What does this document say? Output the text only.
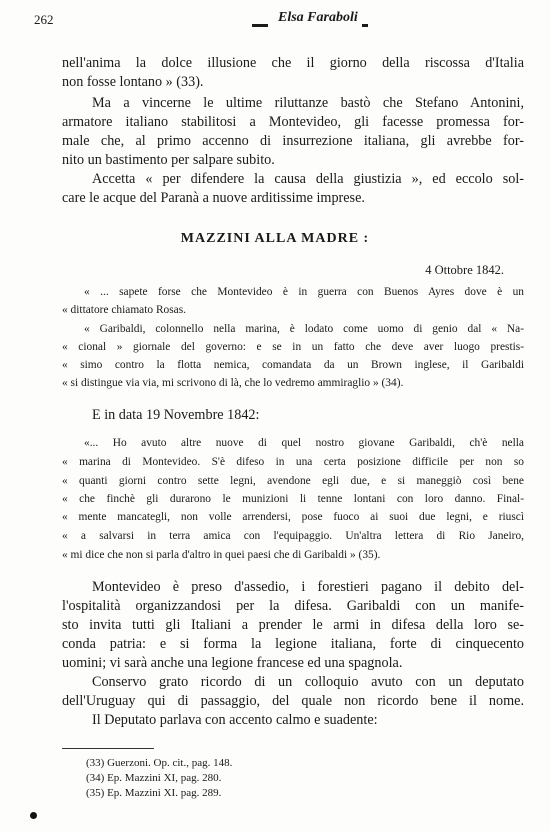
262	Elsa Faraboli
nell'anima la dolce illusione che il giorno della riscossa d'Italia
non fosse lontano » (33).
Ma a vincerne le ultime riluttanze bastò che Stefano Antonini,
armatore italiano stabilitosi a Montevideo, gli facesse promessa for-
male che, al primo accenno di insurrezione italiana, gli avrebbe for-
nito un bastimento per salpare subito.
Accetta « per difendere la causa della giustizia », ed eccolo sol-
care le acque del Paranà a nuove arditissime imprese.
MAZZINI ALLA MADRE :
4 Ottobre 1842.
« ... sapete forse che Montevideo è in guerra con Buenos Ayres dove è un
« dittatore chiamato Rosas.
« Garibaldi, colonnello nella marina, è lodato come uomo di genio dal « Na-
« cional » giornale del governo: e se in un fatto che deve aver luogo prestis-
« simo contro la flotta nemica, comandata da un Brown inglese, il Garibaldi
« si distingue via via, mi scrivono di là, che lo vedremo ammiraglio » (34).
E in data 19 Novembre 1842:
«... Ho avuto altre nuove di quel nostro giovane Garibaldi, ch'è nella
« marina di Montevideo. S'è difeso in una certa posizione difficile per non so
« quanti giorni contro sette legni, avendone egli due, e si maneggiò così bene
« che finchè gli durarono le munizioni li tenne lontani con loro danno. Final-
« mente mancategli, non volle arrendersi, pose fuoco ai suoi due legni, e riuscì
« a salvarsi in terra amica con l'equipaggio. Un'altra lettera di Rio Janeiro,
« mi dice che non si parla d'altro in quei paesi che di Garibaldi » (35).
Montevideo è preso d'assedio, i forestieri pagano il debito del-
l'ospitalità organizzandosi per la difesa. Garibaldi con un manife-
sto invita tutti gli Italiani a prender le armi in difesa della loro se-
conda patria: e si forma la legione italiana, forte di cinquecento
uomini; vi sarà anche una legione francese ed una spagnola.
Conservo grato ricordo di un colloquio avuto con un deputato
dell'Uruguay qui di passaggio, del quale non ricordo bene il nome.
Il Deputato parlava con accento calmo e suadente:
(33) Guerzoni. Op. cit., pag. 148.
(34) Ep. Mazzini XI, pag. 280.
(35) Ep. Mazzini XI. pag. 289.
